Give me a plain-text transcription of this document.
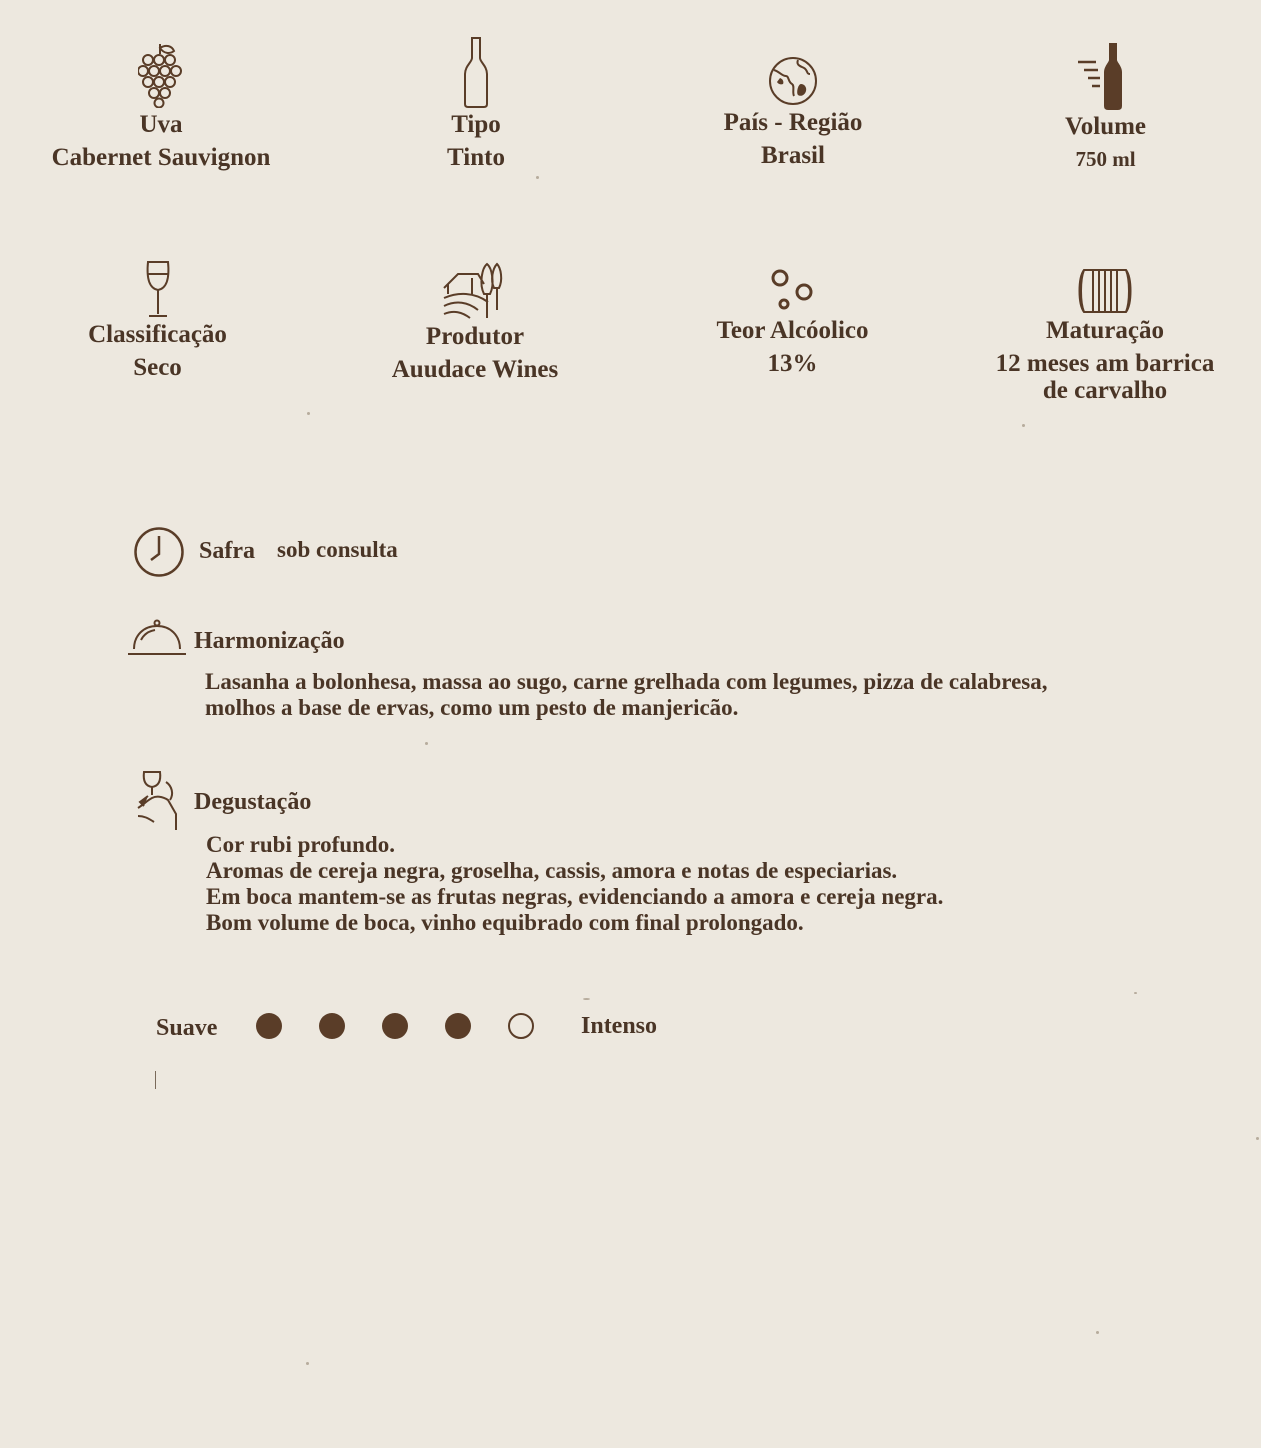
Uva
Cabernet Sauvignon
Tipo
Tinto
País - Região
Brasil
Volume
750 ml
Classificação
Seco
Produtor
Auudace Wines
Teor Alcóolico
13%
Maturação
12 meses am barrica
de carvalho
Safra sob consulta
Harmonização
Lasanha a bolonhesa, massa ao sugo, carne grelhada com legumes, pizza de calabresa,
molhos a base de ervas, como um pesto de manjericão.
Degustação
Cor rubi profundo.
Aromas de cereja negra, groselha, cassis, amora e notas de especiarias.
Em boca mantem-se as frutas negras, evidenciando a amora e cereja negra.
Bom volume de boca, vinho equibrado com final prolongado.
Suave	Intenso
